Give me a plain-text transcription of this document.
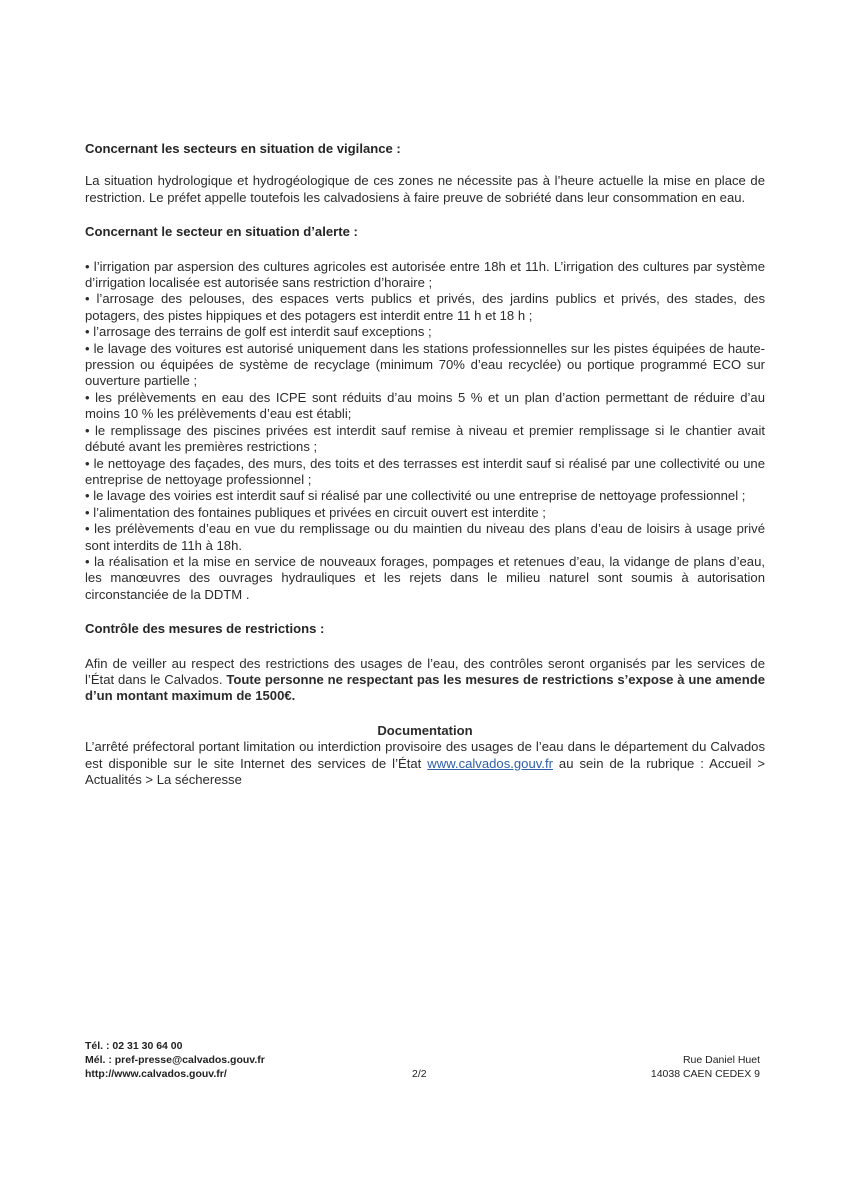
Concernant les secteurs en situation de vigilance :

La situation hydrologique et hydrogéologique de ces zones ne nécessite pas à l’heure actuelle la mise en place de restriction. Le préfet appelle toutefois les calvadosiens à faire preuve de sobriété dans leur consommation en eau.

Concernant le secteur en situation d’alerte :

• l’irrigation par aspersion des cultures agricoles est autorisée entre 18h et 11h. L’irrigation des cultures par système d’irrigation localisée est autorisée sans restriction d’horaire ;

• l’arrosage des pelouses, des espaces verts publics et privés, des jardins publics et privés, des stades, des potagers, des pistes hippiques et des potagers est interdit entre 11 h et 18 h ;

• l’arrosage des terrains de golf est interdit sauf exceptions ;

• le lavage des voitures est autorisé uniquement dans les stations professionnelles sur les pistes équipées de haute-pression ou équipées de système de recyclage (minimum 70% d’eau recyclée) ou portique programmé ECO sur ouverture partielle ;

• les prélèvements en eau des ICPE sont réduits d’au moins 5 % et un plan d’action permettant de réduire d’au moins 10 % les prélèvements d’eau est établi;

• le remplissage des piscines privées est interdit sauf remise à niveau et premier remplissage si le chantier avait débuté avant les premières restrictions ;

• le nettoyage des façades, des murs, des toits et des terrasses est interdit sauf si réalisé par une collectivité ou une entreprise de nettoyage professionnel ;

• le lavage des voiries est interdit sauf si réalisé par une collectivité ou une entreprise de nettoyage professionnel ;

• l’alimentation des fontaines publiques et privées en circuit ouvert est interdite ;

• les prélèvements d’eau en vue du remplissage ou du maintien du niveau des plans d’eau de loisirs à usage privé sont interdits de 11h à 18h.

• la réalisation et la mise en service de nouveaux forages, pompages et retenues d’eau, la vidange de plans d’eau, les manœuvres des ouvrages hydrauliques et les rejets dans le milieu naturel sont soumis à autorisation circonstanciée de la DDTM .

Contrôle des mesures de restrictions :

Afin de veiller au respect des restrictions des usages de l’eau, des contrôles seront organisés par les services de l’État dans le Calvados. Toute personne ne respectant pas les mesures de restrictions s’expose à une amende d’un montant maximum de 1500€.

Documentation

L’arrêté préfectoral portant limitation ou interdiction provisoire des usages de l’eau dans le département du Calvados est disponible sur le site Internet des services de l’État www.calvados.gouv.fr au sein de la rubrique : Accueil > Actualités > La sécheresse

Tél. : 02 31 30 64 00
Mél. : pref-presse@calvados.gouv.fr
http://www.calvados.gouv.fr/	2/2
Rue Daniel Huet
14038 CAEN CEDEX 9
